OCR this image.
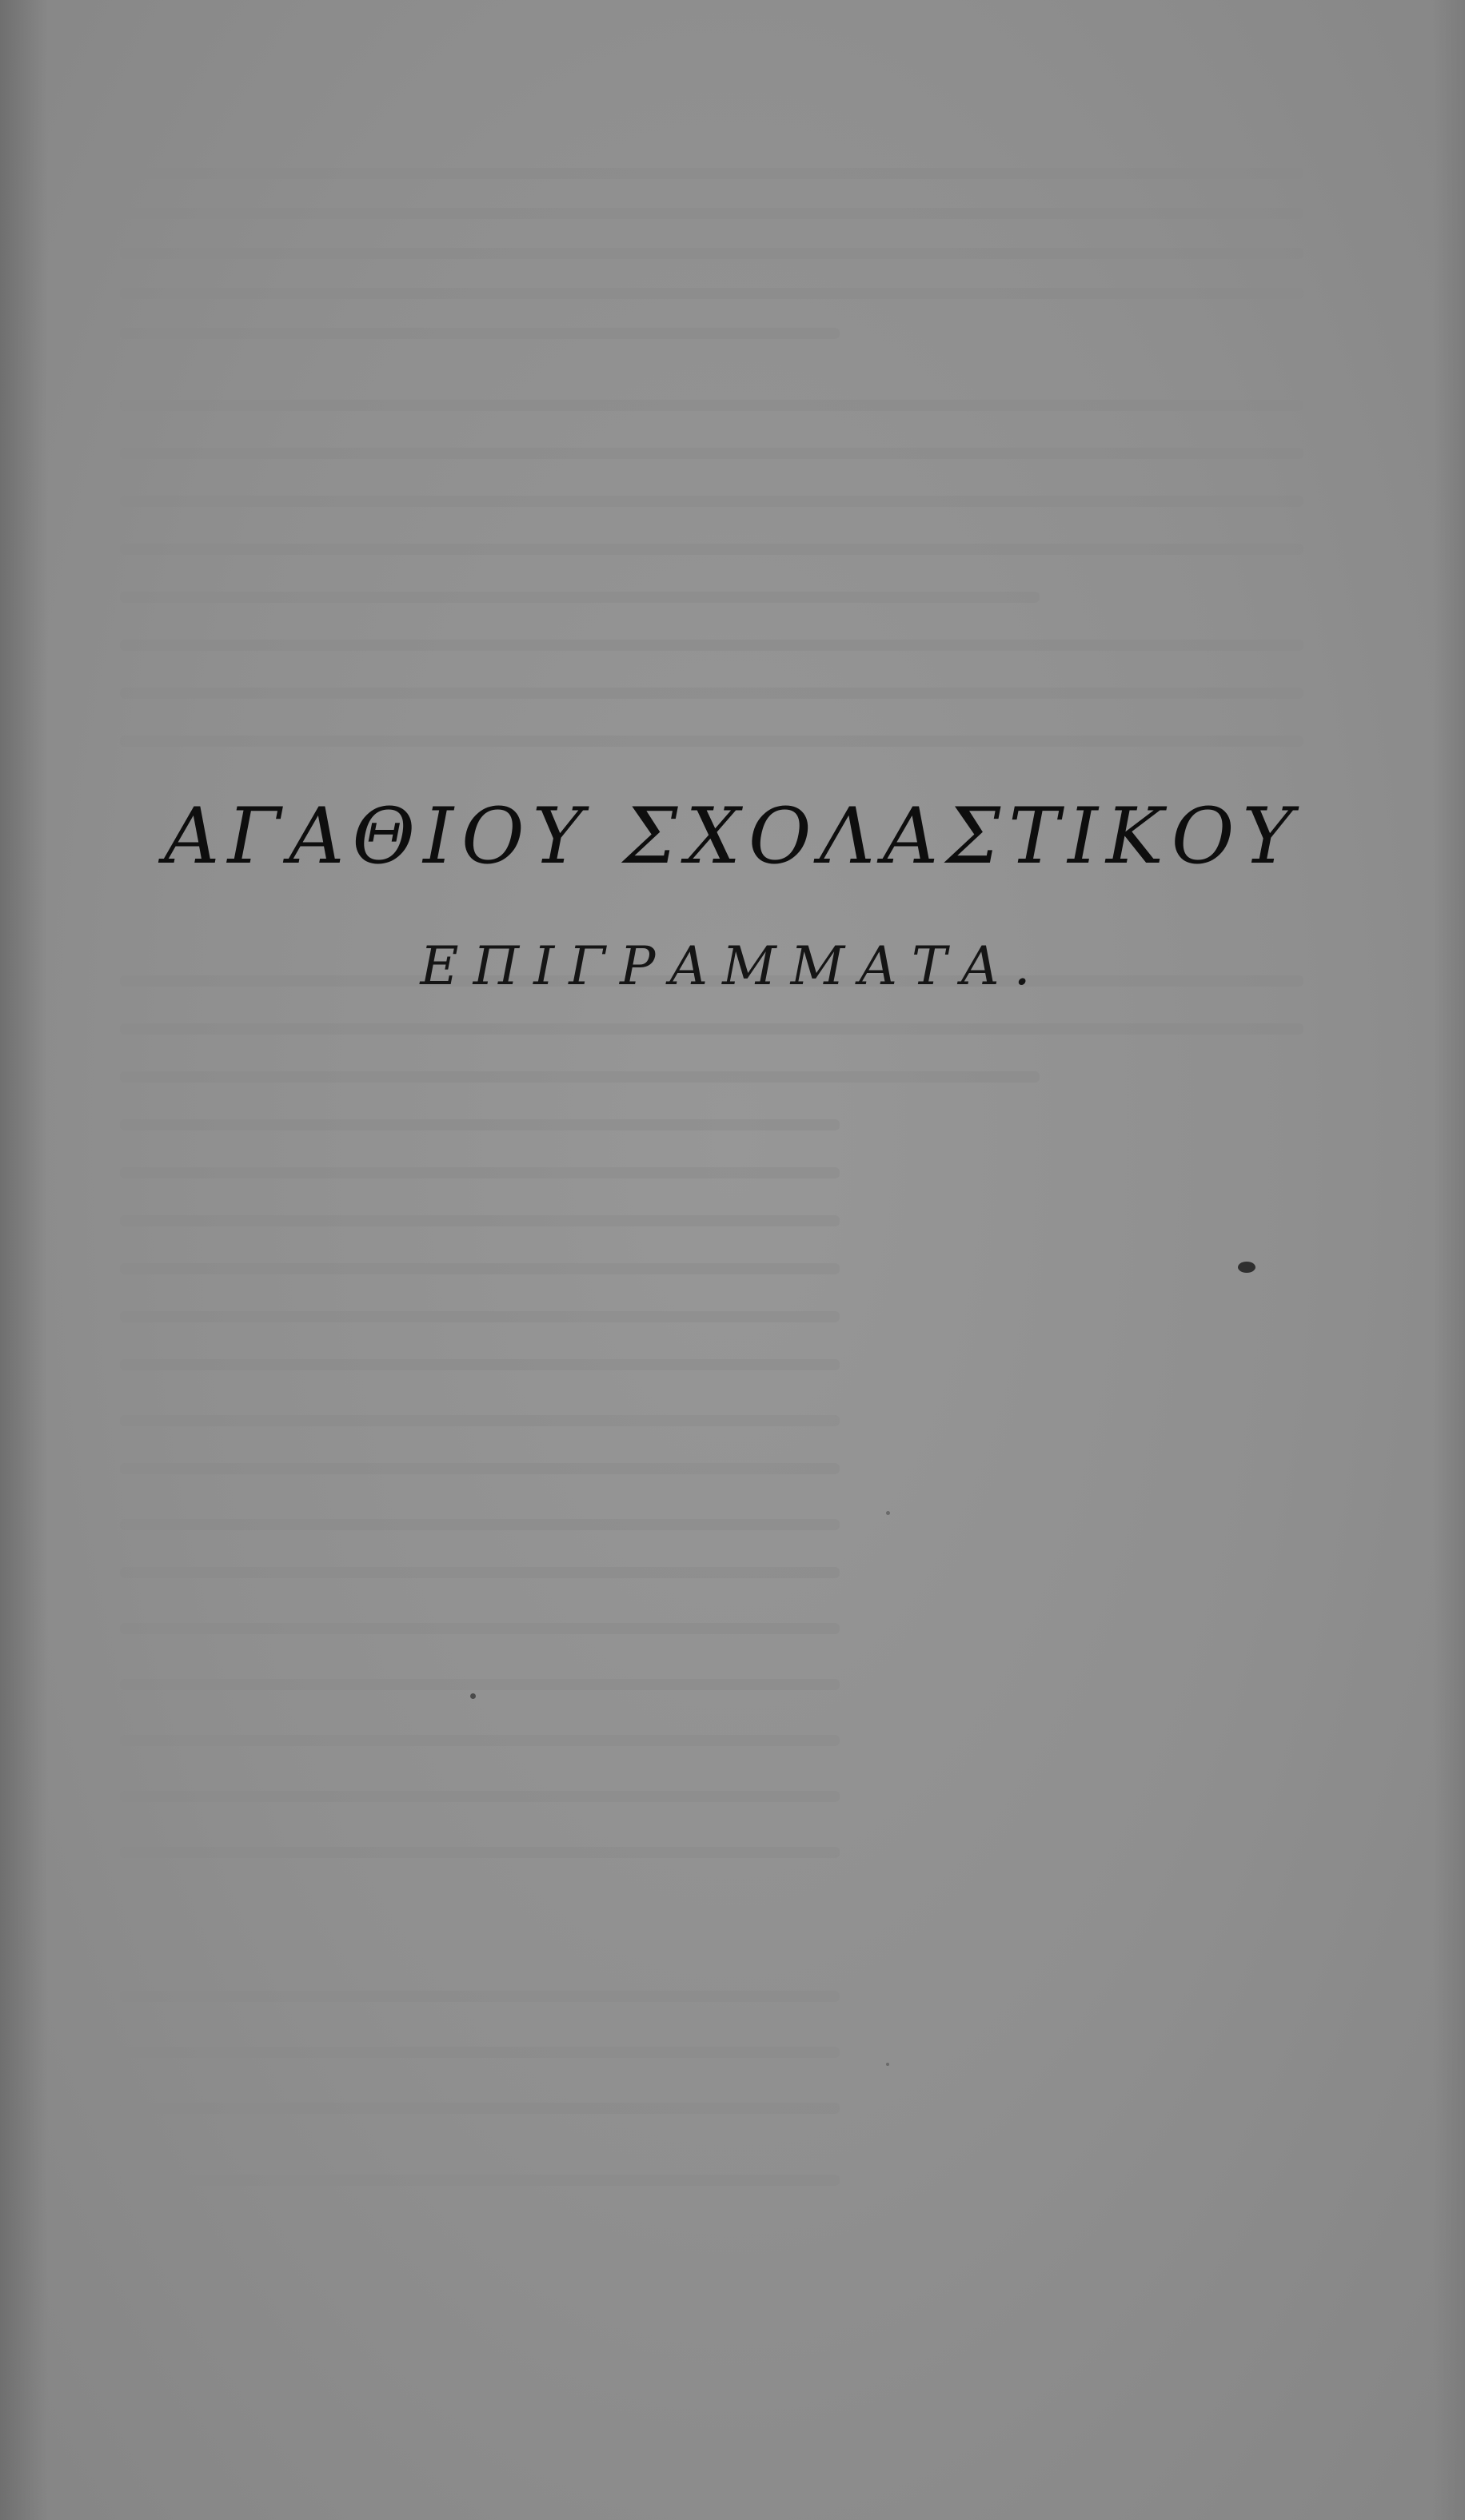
ΑΓΑΘΙΟΥ ΣΧΟΛΑΣΤΙΚΟΥ
ΕΠΙΓΡΑΜΜΑΤΑ.
